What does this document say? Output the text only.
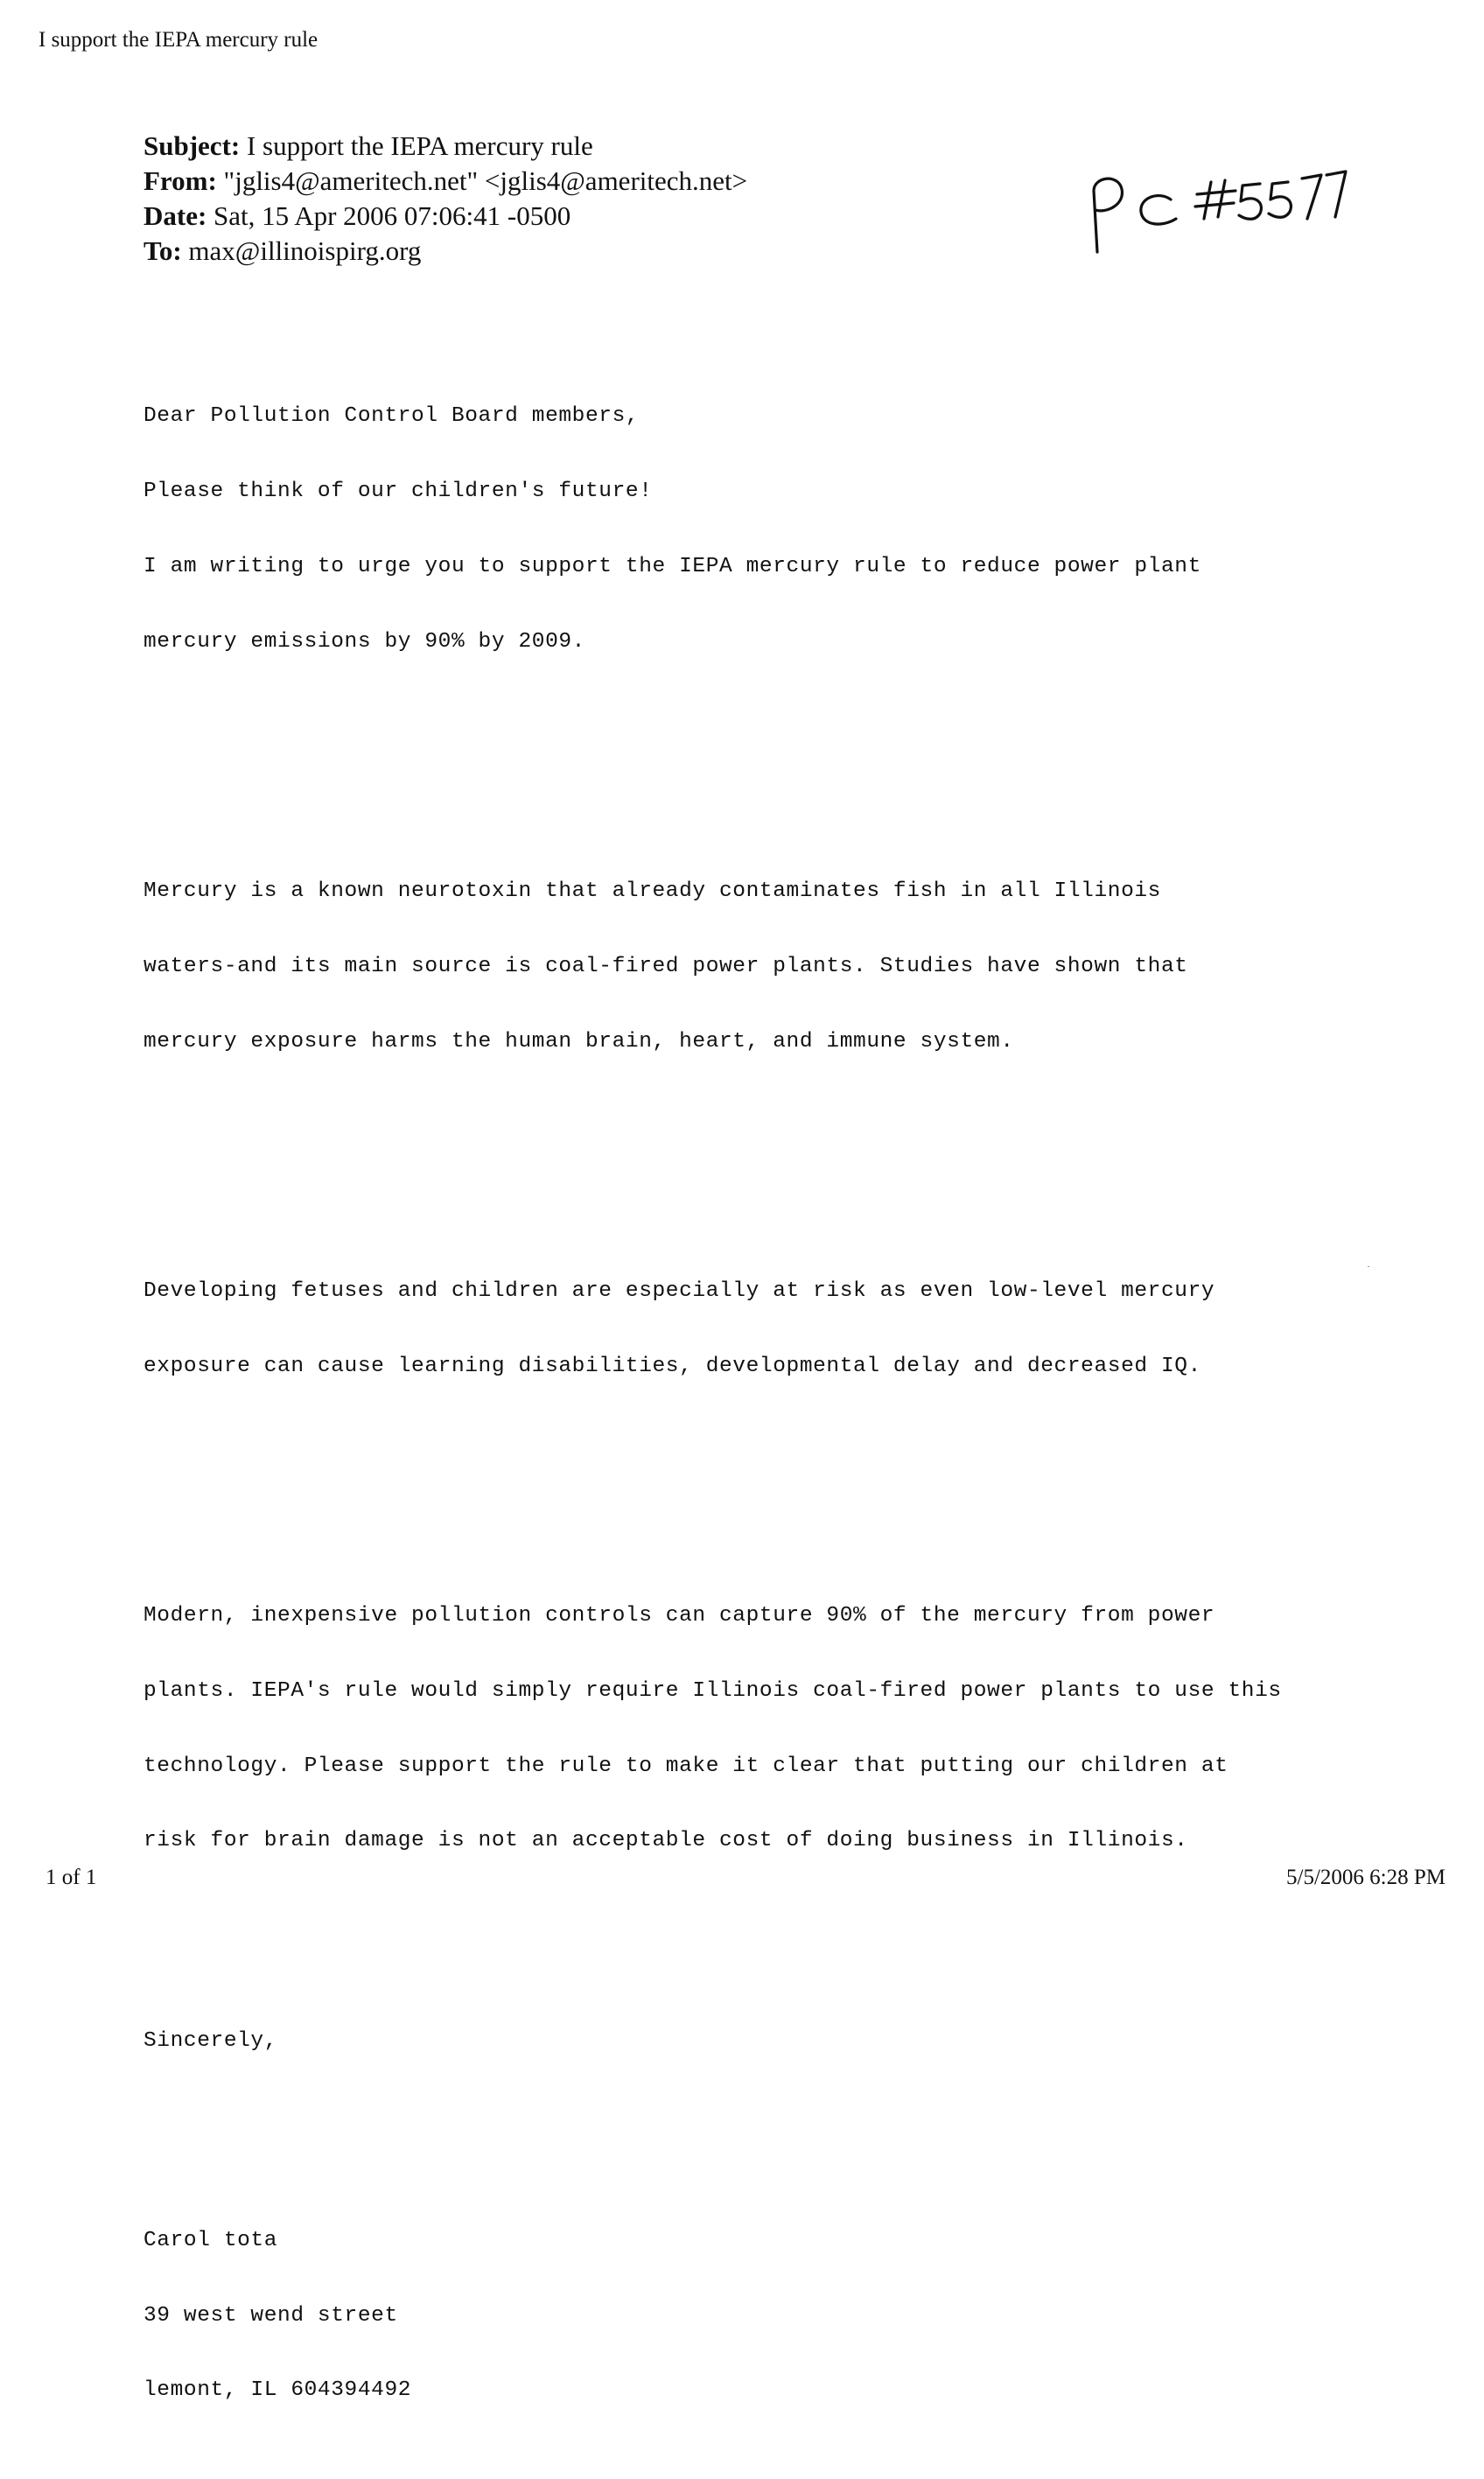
I support the IEPA mercury rule
Subject: I support the IEPA mercury rule
From: "jglis4@ameritech.net" <jglis4@ameritech.net>
Date: Sat, 15 Apr 2006 07:06:41 -0500
To: max@illinoispirg.org

Dear Pollution Control Board members,

Please think of our children's future!

I am writing to urge you to support the IEPA mercury rule to reduce power plant

mercury emissions by 90% by 2009.

Mercury is a known neurotoxin that already contaminates fish in all Illinois

waters-and its main source is coal-fired power plants. Studies have shown that

mercury exposure harms the human brain, heart, and immune system.

Developing fetuses and children are especially at risk as even low-level mercury

exposure can cause learning disabilities, developmental delay and decreased IQ.

Modern, inexpensive pollution controls can capture 90% of the mercury from power

plants. IEPA's rule would simply require Illinois coal-fired power plants to use this

technology. Please support the rule to make it clear that putting our children at

risk for brain damage is not an acceptable cost of doing business in Illinois.

Sincerely,

Carol tota

39 west wend street

lemont, IL 604394492

1 of 1	5/5/2006 6:28 PM
